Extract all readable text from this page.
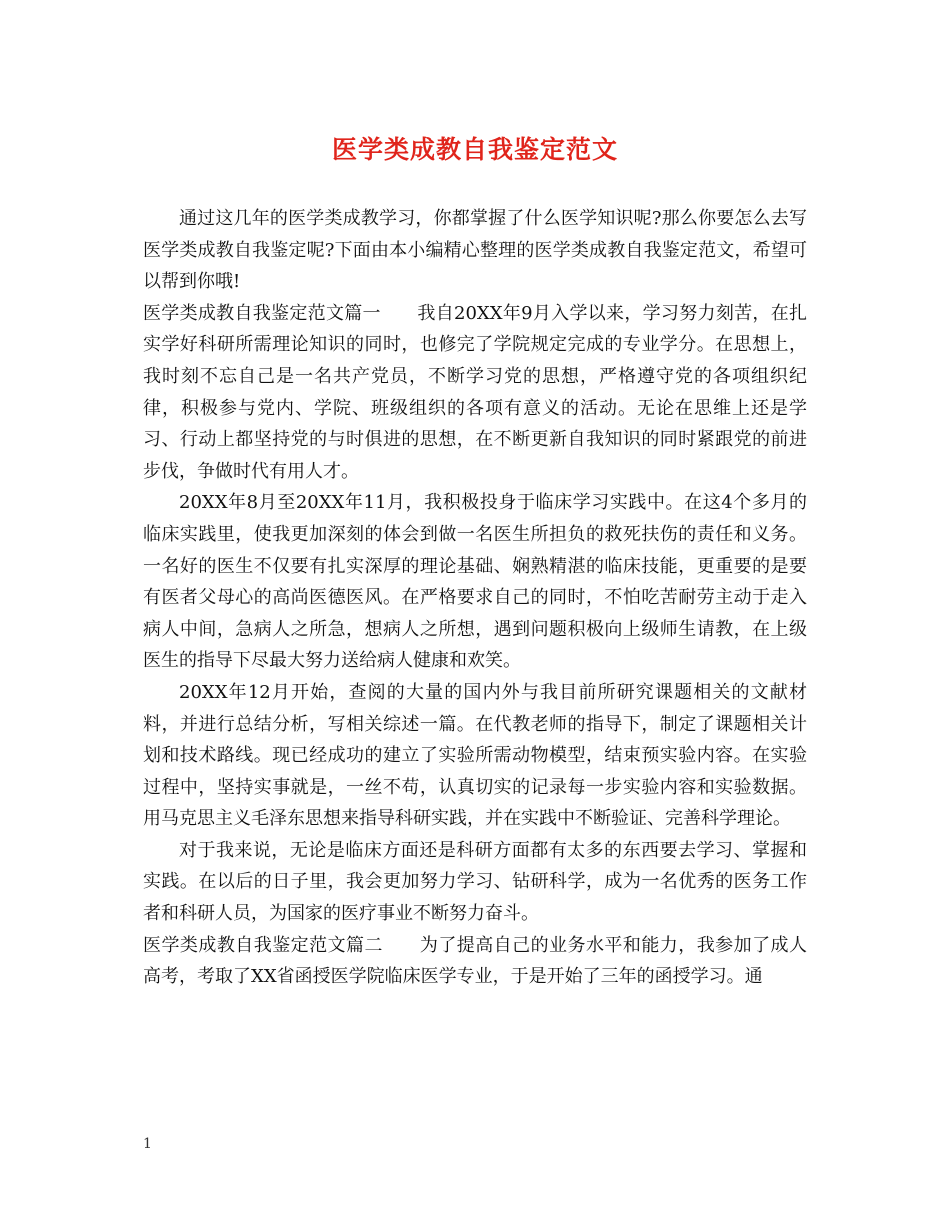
医学类成教自我鉴定范文

通过这几年的医学类成教学习，你都掌握了什么医学知识呢?那么你要怎么去写医学类成教自我鉴定呢?下面由本小编精心整理的医学类成教自我鉴定范文，希望可以帮到你哦!

医学类成教自我鉴定范文篇一　　我自20XX年9月入学以来，学习努力刻苦，在扎实学好科研所需理论知识的同时，也修完了学院规定完成的专业学分。在思想上，我时刻不忘自己是一名共产党员，不断学习党的思想，严格遵守党的各项组织纪律，积极参与党内、学院、班级组织的各项有意义的活动。无论在思维上还是学习、行动上都坚持党的与时俱进的思想，在不断更新自我知识的同时紧跟党的前进步伐，争做时代有用人才。

20XX年8月至20XX年11月，我积极投身于临床学习实践中。在这4个多月的临床实践里，使我更加深刻的体会到做一名医生所担负的救死扶伤的责任和义务。一名好的医生不仅要有扎实深厚的理论基础、娴熟精湛的临床技能，更重要的是要有医者父母心的高尚医德医风。在严格要求自己的同时，不怕吃苦耐劳主动于走入病人中间，急病人之所急，想病人之所想，遇到问题积极向上级师生请教，在上级医生的指导下尽最大努力送给病人健康和欢笑。

20XX年12月开始，查阅的大量的国内外与我目前所研究课题相关的文献材料，并进行总结分析，写相关综述一篇。在代教老师的指导下，制定了课题相关计划和技术路线。现已经成功的建立了实验所需动物模型，结束预实验内容。在实验过程中，坚持实事就是，一丝不苟，认真切实的记录每一步实验内容和实验数据。用马克思主义毛泽东思想来指导科研实践，并在实践中不断验证、完善科学理论。

对于我来说，无论是临床方面还是科研方面都有太多的东西要去学习、掌握和实践。在以后的日子里，我会更加努力学习、钻研科学，成为一名优秀的医务工作者和科研人员，为国家的医疗事业不断努力奋斗。

医学类成教自我鉴定范文篇二　　为了提高自己的业务水平和能力，我参加了成人高考，考取了XX省函授医学院临床医学专业，于是开始了三年的函授学习。通

1
